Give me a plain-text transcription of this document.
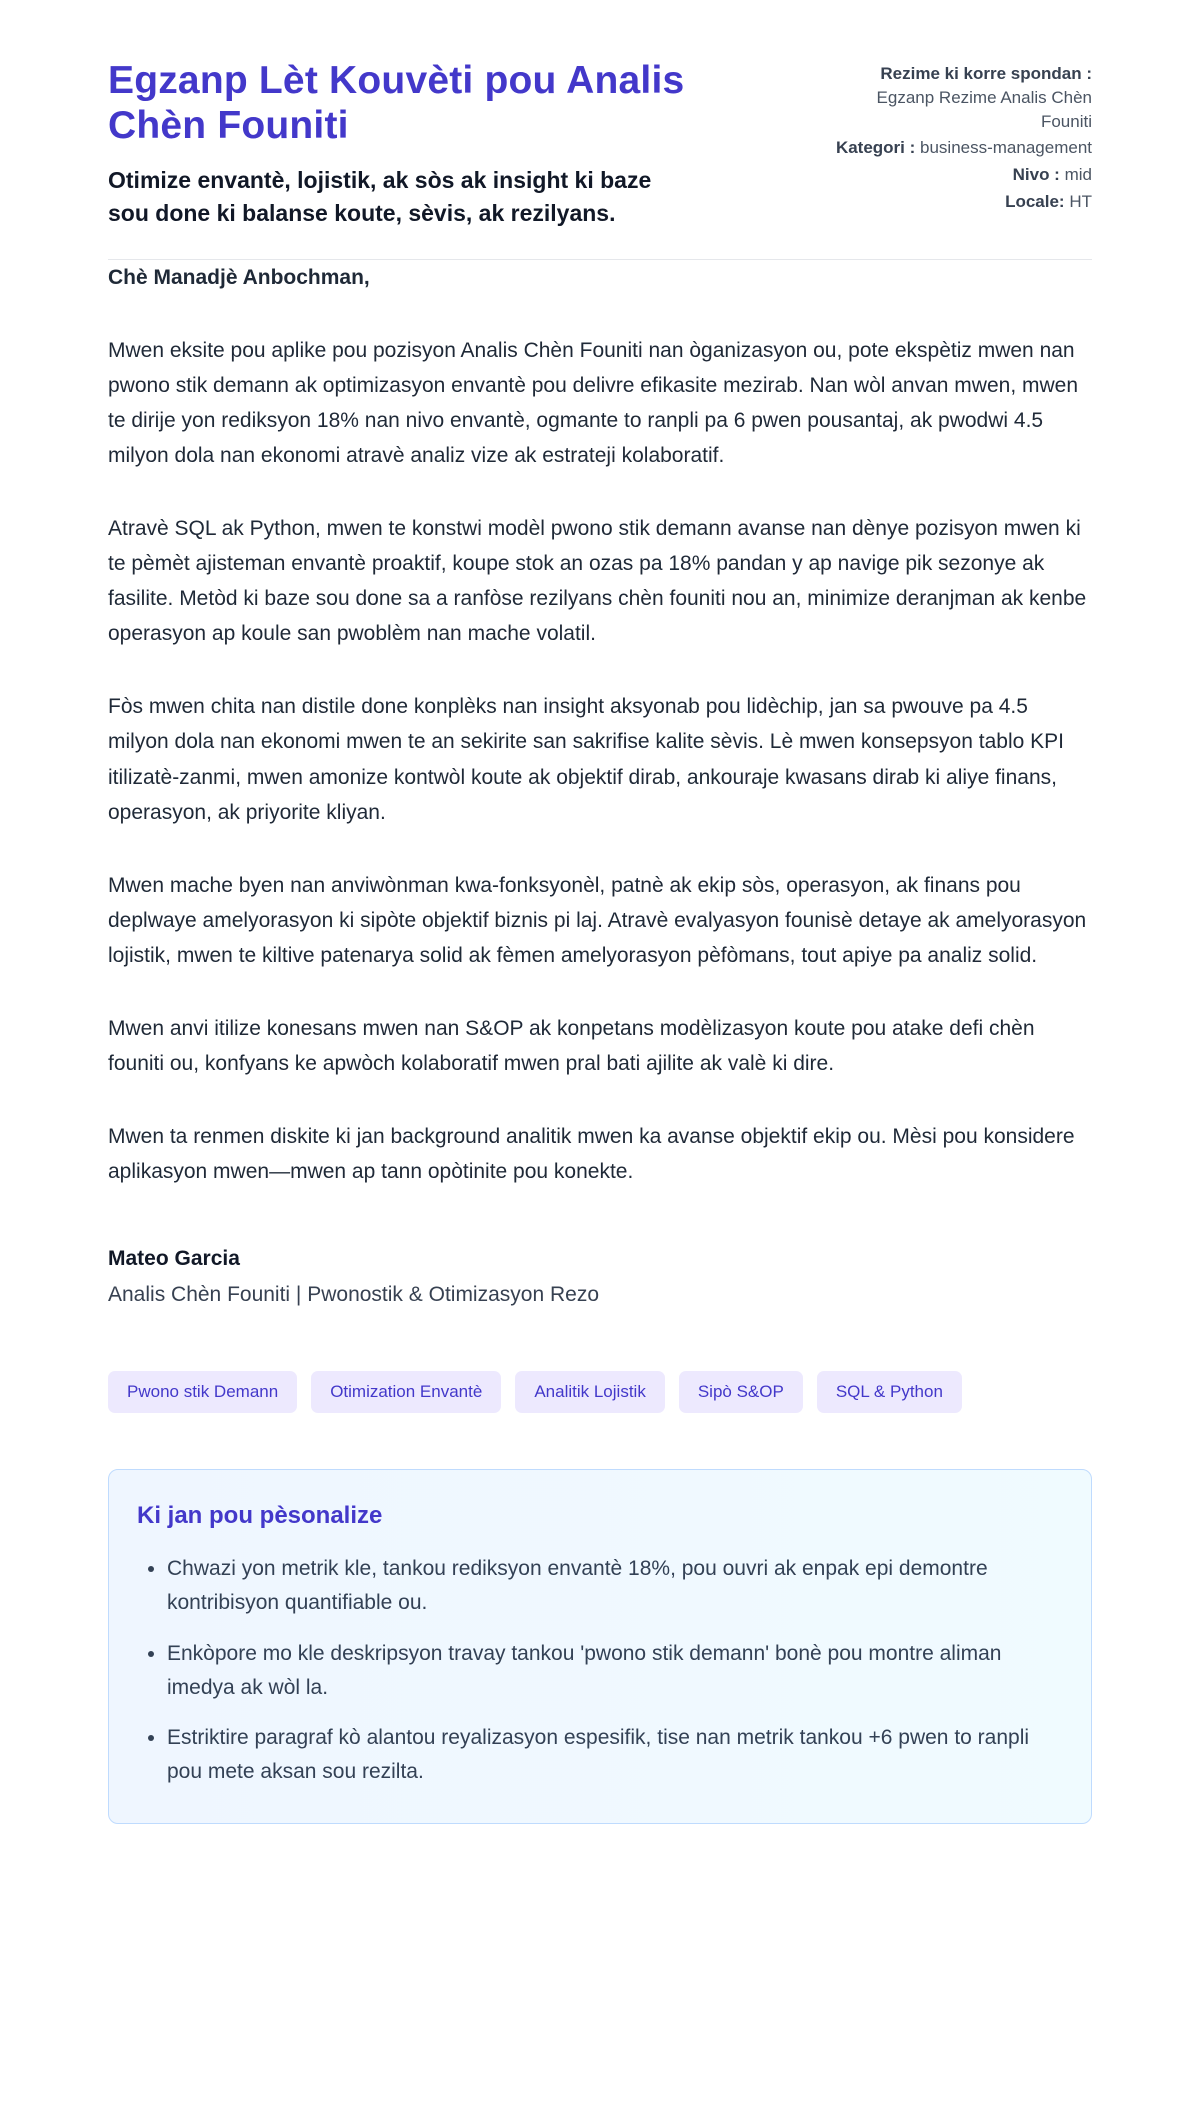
Egzanp Lèt Kouvèti pou Analis Chèn Founiti

Otimize envantè, lojistik, ak sòs ak insight ki baze sou done ki balanse koute, sèvis, ak rezilyans.

Rezime ki korre spondan : Egzanp Rezime Analis Chèn Founiti
Kategori : business-management
Nivo : mid
Locale: HT

Chè Manadjè Anbochman,

Mwen eksite pou aplike pou pozisyon Analis Chèn Founiti nan òganizasyon ou, pote ekspètiz mwen nan pwono stik demann ak optimizasyon envantè pou delivre efikasite mezirab. Nan wòl anvan mwen, mwen te dirije yon rediksyon 18% nan nivo envantè, ogmante to ranpli pa 6 pwen pousantaj, ak pwodwi 4.5 milyon dola nan ekonomi atravè analiz vize ak estrateji kolaboratif.

Atravè SQL ak Python, mwen te konstwi modèl pwono stik demann avanse nan dènye pozisyon mwen ki te pèmèt ajisteman envantè proaktif, koupe stok an ozas pa 18% pandan y ap navige pik sezonye ak fasilite. Metòd ki baze sou done sa a ranfòse rezilyans chèn founiti nou an, minimize deranjman ak kenbe operasyon ap koule san pwoblèm nan mache volatil.

Fòs mwen chita nan distile done konplèks nan insight aksyonab pou lidèchip, jan sa pwouve pa 4.5 milyon dola nan ekonomi mwen te an sekirite san sakrifise kalite sèvis. Lè mwen konsepsyon tablo KPI itilizatè-zanmi, mwen amonize kontwòl koute ak objektif dirab, ankouraje kwasans dirab ki aliye finans, operasyon, ak priyorite kliyan.

Mwen mache byen nan anviwònman kwa-fonksyonèl, patnè ak ekip sòs, operasyon, ak finans pou deplwaye amelyorasyon ki sipòte objektif biznis pi laj. Atravè evalyasyon founisè detaye ak amelyorasyon lojistik, mwen te kiltive patenarya solid ak fèmen amelyorasyon pèfòmans, tout apiye pa analiz solid.

Mwen anvi itilize konesans mwen nan S&OP ak konpetans modèlizasyon koute pou atake defi chèn founiti ou, konfyans ke apwòch kolaboratif mwen pral bati ajilite ak valè ki dire.

Mwen ta renmen diskite ki jan background analitik mwen ka avanse objektif ekip ou. Mèsi pou konsidere aplikasyon mwen—mwen ap tann opòtinite pou konekte.

Mateo Garcia
Analis Chèn Founiti | Pwonostik & Otimizasyon Rezo
Pwono stik Demann	Otimization Envantè	Analitik Lojistik	Sipò S&OP	SQL & Python
Ki jan pou pèsonalize
• Chwazi yon metrik kle, tankou rediksyon envantè 18%, pou ouvri ak enpak epi demontre kontribisyon quantifiable ou.
• Enkòpore mo kle deskripsyon travay tankou 'pwono stik demann' bonè pou montre aliman imedya ak wòl la.
• Estriktire paragraf kò alantou reyalizasyon espesifik, tise nan metrik tankou +6 pwen to ranpli pou mete aksan sou rezilta.
